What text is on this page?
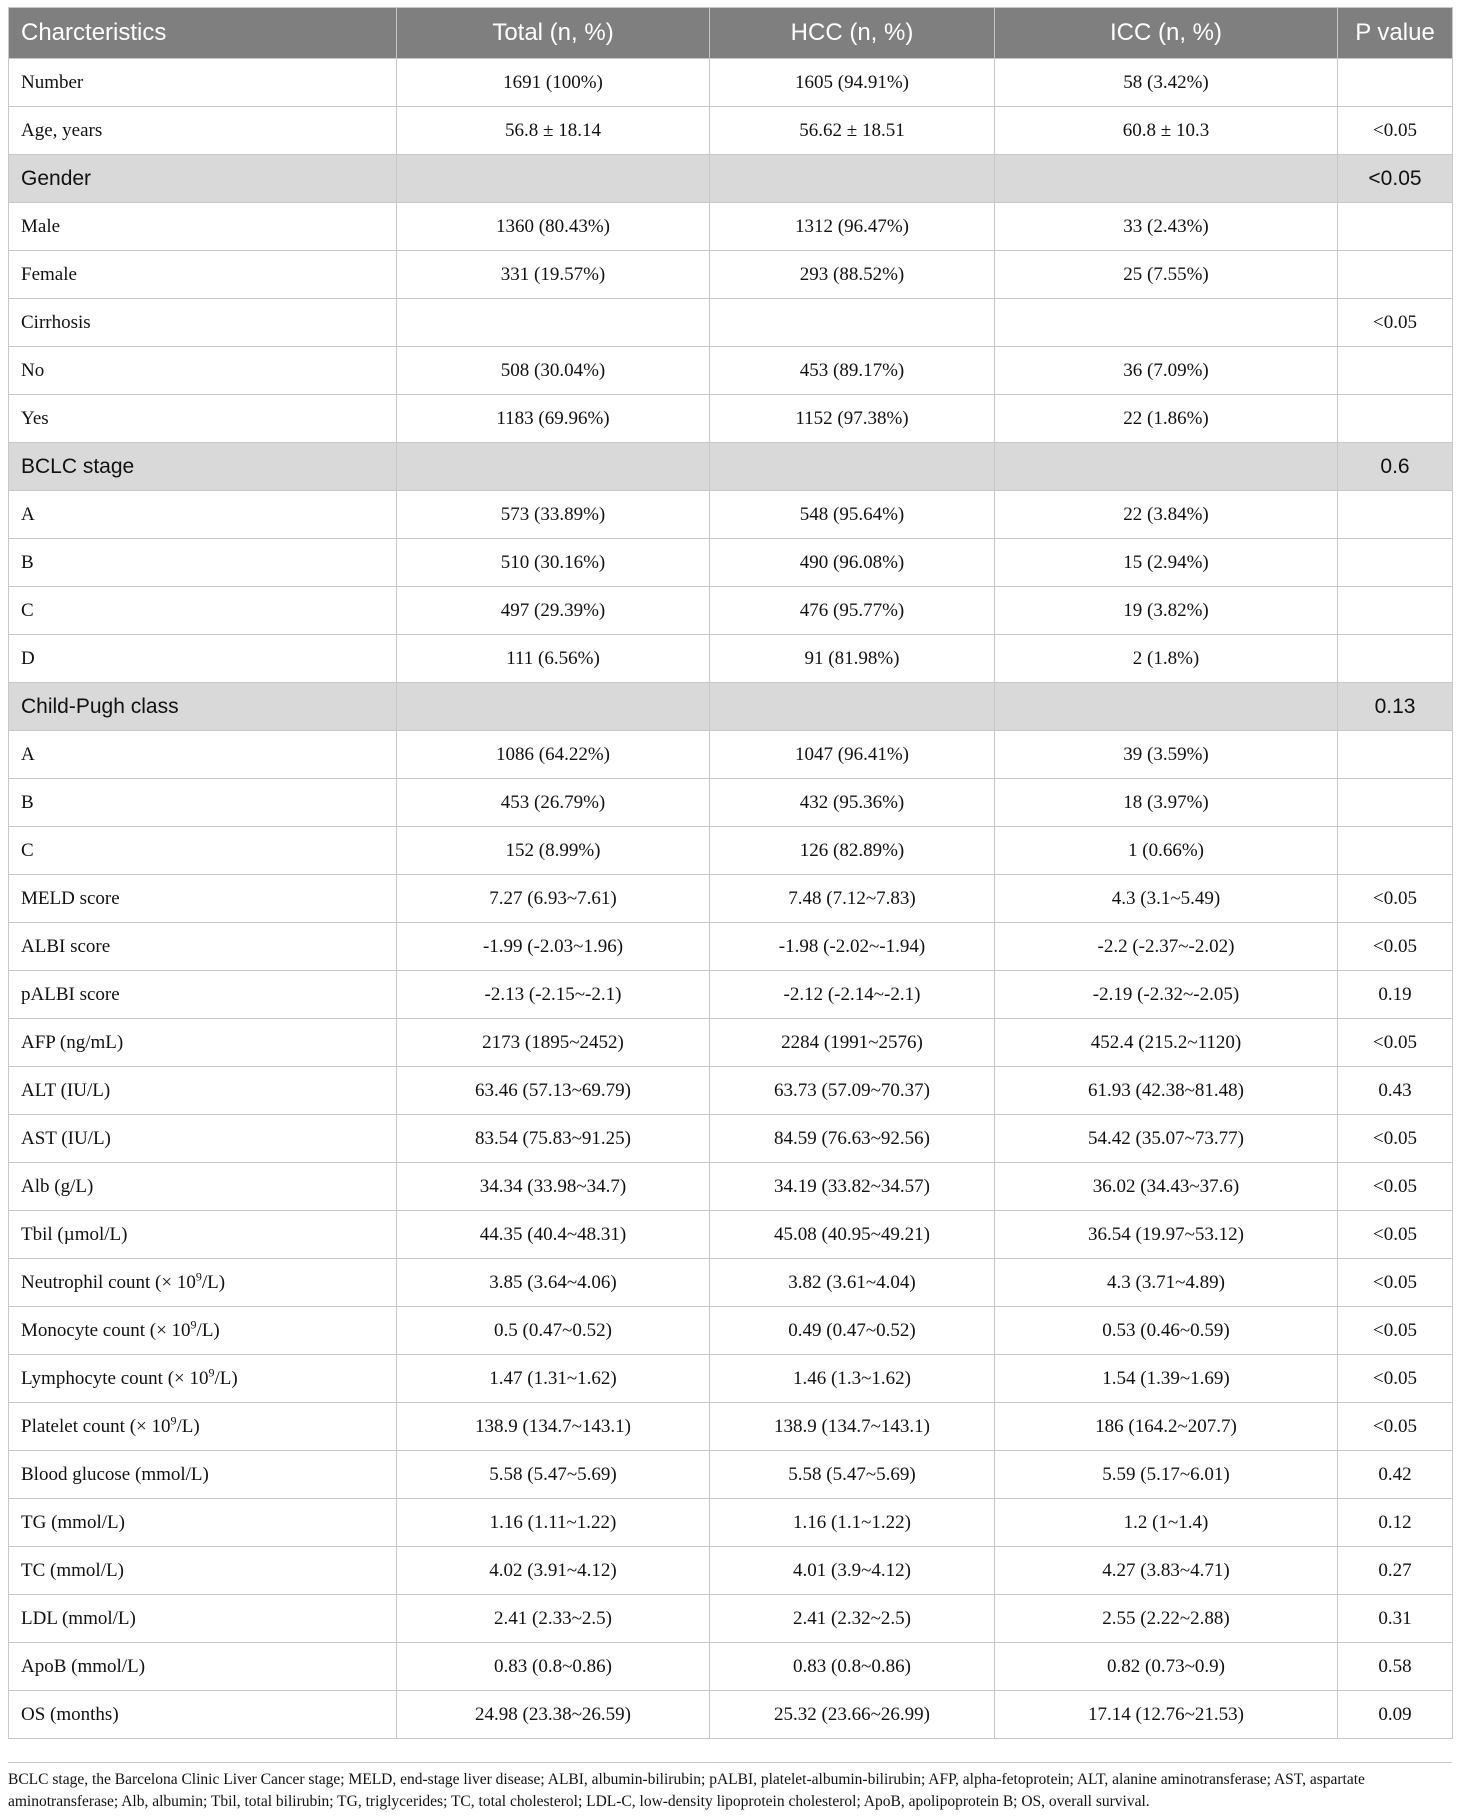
Charcteristics	Total (n, %)	HCC (n, %)	ICC (n, %)	P value
Number	1691 (100%)	1605 (94.91%)	58 (3.42%)	
Age, years	56.8 ± 18.14	56.62 ± 18.51	60.8 ± 10.3	<0.05
Gender				<0.05
Male	1360 (80.43%)	1312 (96.47%)	33 (2.43%)	
Female	331 (19.57%)	293 (88.52%)	25 (7.55%)	
Cirrhosis				<0.05
No	508 (30.04%)	453 (89.17%)	36 (7.09%)	
Yes	1183 (69.96%)	1152 (97.38%)	22 (1.86%)	
BCLC stage				0.6
A	573 (33.89%)	548 (95.64%)	22 (3.84%)	
B	510 (30.16%)	490 (96.08%)	15 (2.94%)	
C	497 (29.39%)	476 (95.77%)	19 (3.82%)	
D	111 (6.56%)	91 (81.98%)	2 (1.8%)	
Child-Pugh class				0.13
A	1086 (64.22%)	1047 (96.41%)	39 (3.59%)	
B	453 (26.79%)	432 (95.36%)	18 (3.97%)	
C	152 (8.99%)	126 (82.89%)	1 (0.66%)	
MELD score	7.27 (6.93~7.61)	7.48 (7.12~7.83)	4.3 (3.1~5.49)	<0.05
ALBI score	-1.99 (-2.03~1.96)	-1.98 (-2.02~-1.94)	-2.2 (-2.37~-2.02)	<0.05
pALBI score	-2.13 (-2.15~-2.1)	-2.12 (-2.14~-2.1)	-2.19 (-2.32~-2.05)	0.19
AFP (ng/mL)	2173 (1895~2452)	2284 (1991~2576)	452.4 (215.2~1120)	<0.05
ALT (IU/L)	63.46 (57.13~69.79)	63.73 (57.09~70.37)	61.93 (42.38~81.48)	0.43
AST (IU/L)	83.54 (75.83~91.25)	84.59 (76.63~92.56)	54.42 (35.07~73.77)	<0.05
Alb (g/L)	34.34 (33.98~34.7)	34.19 (33.82~34.57)	36.02 (34.43~37.6)	<0.05
Tbil (µmol/L)	44.35 (40.4~48.31)	45.08 (40.95~49.21)	36.54 (19.97~53.12)	<0.05
Neutrophil count (× $10^9/L$)	3.85 (3.64~4.06)	3.82 (3.61~4.04)	4.3 (3.71~4.89)	<0.05
Monocyte count (× $10^9/L$)	0.5 (0.47~0.52)	0.49 (0.47~0.52)	0.53 (0.46~0.59)	<0.05
Lymphocyte count (× $10^9/L$)	1.47 (1.31~1.62)	1.46 (1.3~1.62)	1.54 (1.39~1.69)	<0.05
Platelet count (× $10^9/L$)	138.9 (134.7~143.1)	138.9 (134.7~143.1)	186 (164.2~207.7)	<0.05
Blood glucose (mmol/L)	5.58 (5.47~5.69)	5.58 (5.47~5.69)	5.59 (5.17~6.01)	0.42
TG (mmol/L)	1.16 (1.11~1.22)	1.16 (1.1~1.22)	1.2 (1~1.4)	0.12
TC (mmol/L)	4.02 (3.91~4.12)	4.01 (3.9~4.12)	4.27 (3.83~4.71)	0.27
LDL (mmol/L)	2.41 (2.33~2.5)	2.41 (2.32~2.5)	2.55 (2.22~2.88)	0.31
ApoB (mmol/L)	0.83 (0.8~0.86)	0.83 (0.8~0.86)	0.82 (0.73~0.9)	0.58
OS (months)	24.98 (23.38~26.59)	25.32 (23.66~26.99)	17.14 (12.76~21.53)	0.09
BCLC stage, the Barcelona Clinic Liver Cancer stage; MELD, end-stage liver disease; ALBI, albumin-bilirubin; pALBI, platelet-albumin-bilirubin; AFP, alpha-fetoprotein; ALT, alanine aminotransferase; AST, aspartate aminotransferase; Alb, albumin; Tbil, total bilirubin; TG, triglycerides; TC, total cholesterol; LDL-C, low-density lipoprotein cholesterol; ApoB, apolipoprotein B; OS, overall survival.
